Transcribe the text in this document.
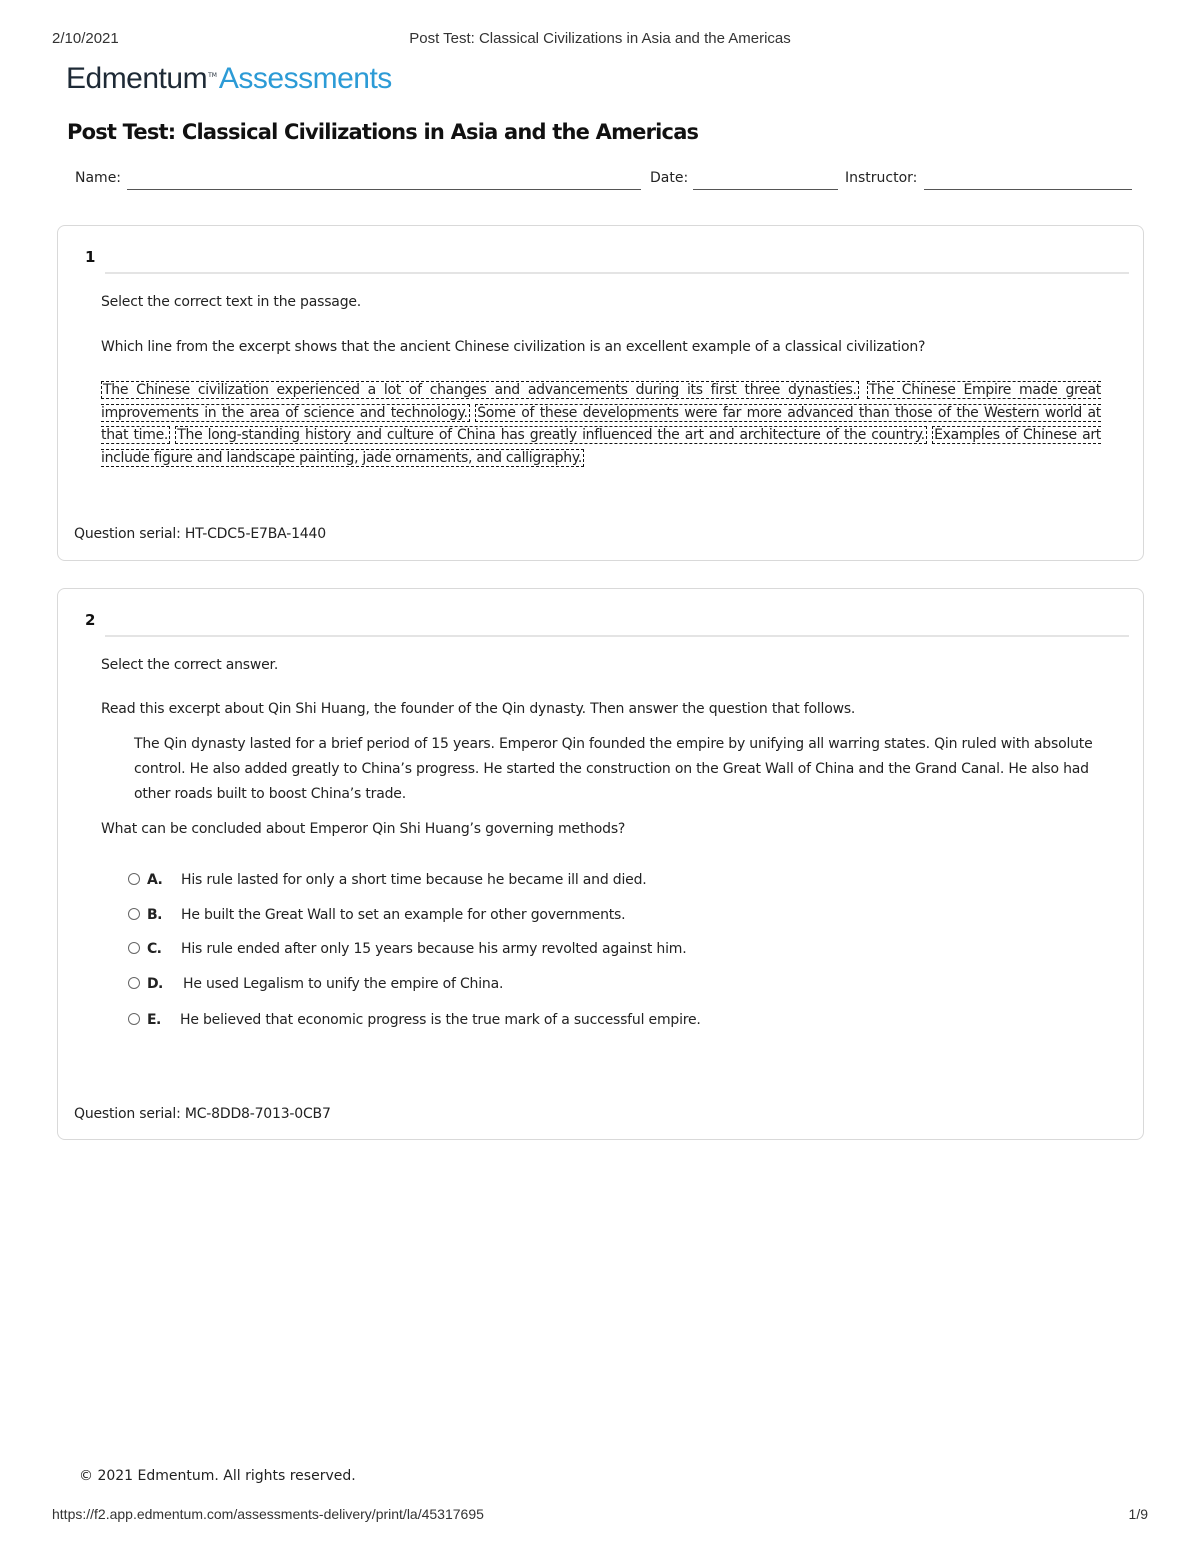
2/10/2021	Post Test: Classical Civilizations in Asia and the Americas
Edmentum™Assessments
Post Test: Classical Civilizations in Asia and the Americas
Name:	Date:	Instructor:
1
Select the correct text in the passage.
Which line from the excerpt shows that the ancient Chinese civilization is an excellent example of a classical civilization?
The Chinese civilization experienced a lot of changes and advancements during its first three dynasties. The Chinese Empire made great improvements in the area of science and technology. Some of these developments were far more advanced than those of the Western world at that time. The long-standing history and culture of China has greatly influenced the art and architecture of the country. Examples of Chinese art include figure and landscape painting, jade ornaments, and calligraphy.
Question serial: HT-CDC5-E7BA-1440
2
Select the correct answer.
Read this excerpt about Qin Shi Huang, the founder of the Qin dynasty. Then answer the question that follows.
The Qin dynasty lasted for a brief period of 15 years. Emperor Qin founded the empire by unifying all warring states. Qin ruled with absolute control. He also added greatly to China’s progress. He started the construction on the Great Wall of China and the Grand Canal. He also had other roads built to boost China’s trade.
What can be concluded about Emperor Qin Shi Huang’s governing methods?
A. His rule lasted for only a short time because he became ill and died.
B. He built the Great Wall to set an example for other governments.
C. His rule ended after only 15 years because his army revolted against him.
D. He used Legalism to unify the empire of China.
E. He believed that economic progress is the true mark of a successful empire.
Question serial: MC-8DD8-7013-0CB7
© 2021 Edmentum. All rights reserved.
https://f2.app.edmentum.com/assessments-delivery/print/la/45317695	1/9
